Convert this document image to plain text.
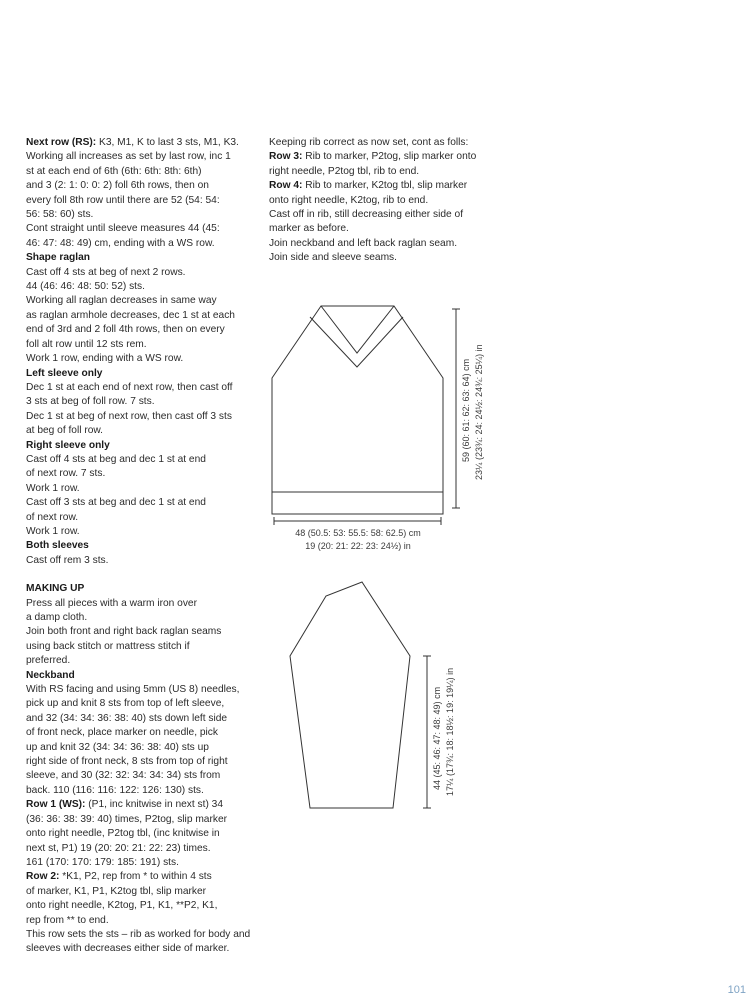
Next row (RS): K3, M1, K to last 3 sts, M1, K3.
Working all increases as set by last row, inc 1
st at each end of 6th (6th: 6th: 8th: 6th)
and 3 (2: 1: 0: 0: 2) foll 6th rows, then on
every foll 8th row until there are 52 (54: 54:
56: 58: 60) sts.
Cont straight until sleeve measures 44 (45:
46: 47: 48: 49) cm, ending with a WS row.
Shape raglan
Cast off 4 sts at beg of next 2 rows.
44 (46: 46: 48: 50: 52) sts.
Working all raglan decreases in same way
as raglan armhole decreases, dec 1 st at each
end of 3rd and 2 foll 4th rows, then on every
foll alt row until 12 sts rem.
Work 1 row, ending with a WS row.
Left sleeve only
Dec 1 st at each end of next row, then cast off
3 sts at beg of foll row. 7 sts.
Dec 1 st at beg of next row, then cast off 3 sts
at beg of foll row.
Right sleeve only
Cast off 4 sts at beg and dec 1 st at end
of next row. 7 sts.
Work 1 row.
Cast off 3 sts at beg and dec 1 st at end
of next row.
Work 1 row.
Both sleeves
Cast off rem 3 sts.
MAKING UP
Press all pieces with a warm iron over
a damp cloth.
Join both front and right back raglan seams
using back stitch or mattress stitch if
preferred.
Neckband
With RS facing and using 5mm (US 8) needles,
pick up and knit 8 sts from top of left sleeve,
and 32 (34: 34: 36: 38: 40) sts down left side
of front neck, place marker on needle, pick
up and knit 32 (34: 34: 36: 38: 40) sts up
right side of front neck, 8 sts from top of right
sleeve, and 30 (32: 32: 34: 34: 34) sts from
back. 110 (116: 116: 122: 126: 130) sts.
Row 1 (WS): (P1, inc knitwise in next st) 34
(36: 36: 38: 39: 40) times, P2tog, slip marker
onto right needle, P2tog tbl, (inc knitwise in
next st, P1) 19 (20: 20: 21: 22: 23) times.
161 (170: 170: 179: 185: 191) sts.
Row 2: *K1, P2, rep from * to within 4 sts
of marker, K1, P1, K2tog tbl, slip marker
onto right needle, K2tog, P1, K1, **P2, K1,
rep from ** to end.
This row sets the sts – rib as worked for body and
sleeves with decreases either side of marker.
Keeping rib correct as now set, cont as folls:
Row 3: Rib to marker, P2tog, slip marker onto
right needle, P2tog tbl, rib to end.
Row 4: Rib to marker, K2tog tbl, slip marker
onto right needle, K2tog, rib to end.
Cast off in rib, still decreasing either side of
marker as before.
Join neckband and left back raglan seam.
Join side and sleeve seams.
59 (60: 61: 62: 63: 64) cm 23¼ (23¾: 24: 24½: 24¾: 25¼) in
48 (50.5: 53: 55.5: 58: 62.5) cm
19 (20: 21: 22: 23: 24½) in
44 (45: 46: 47: 48: 49) cm 17¼ (17¾: 18: 18½: 19: 19¼) in
101
